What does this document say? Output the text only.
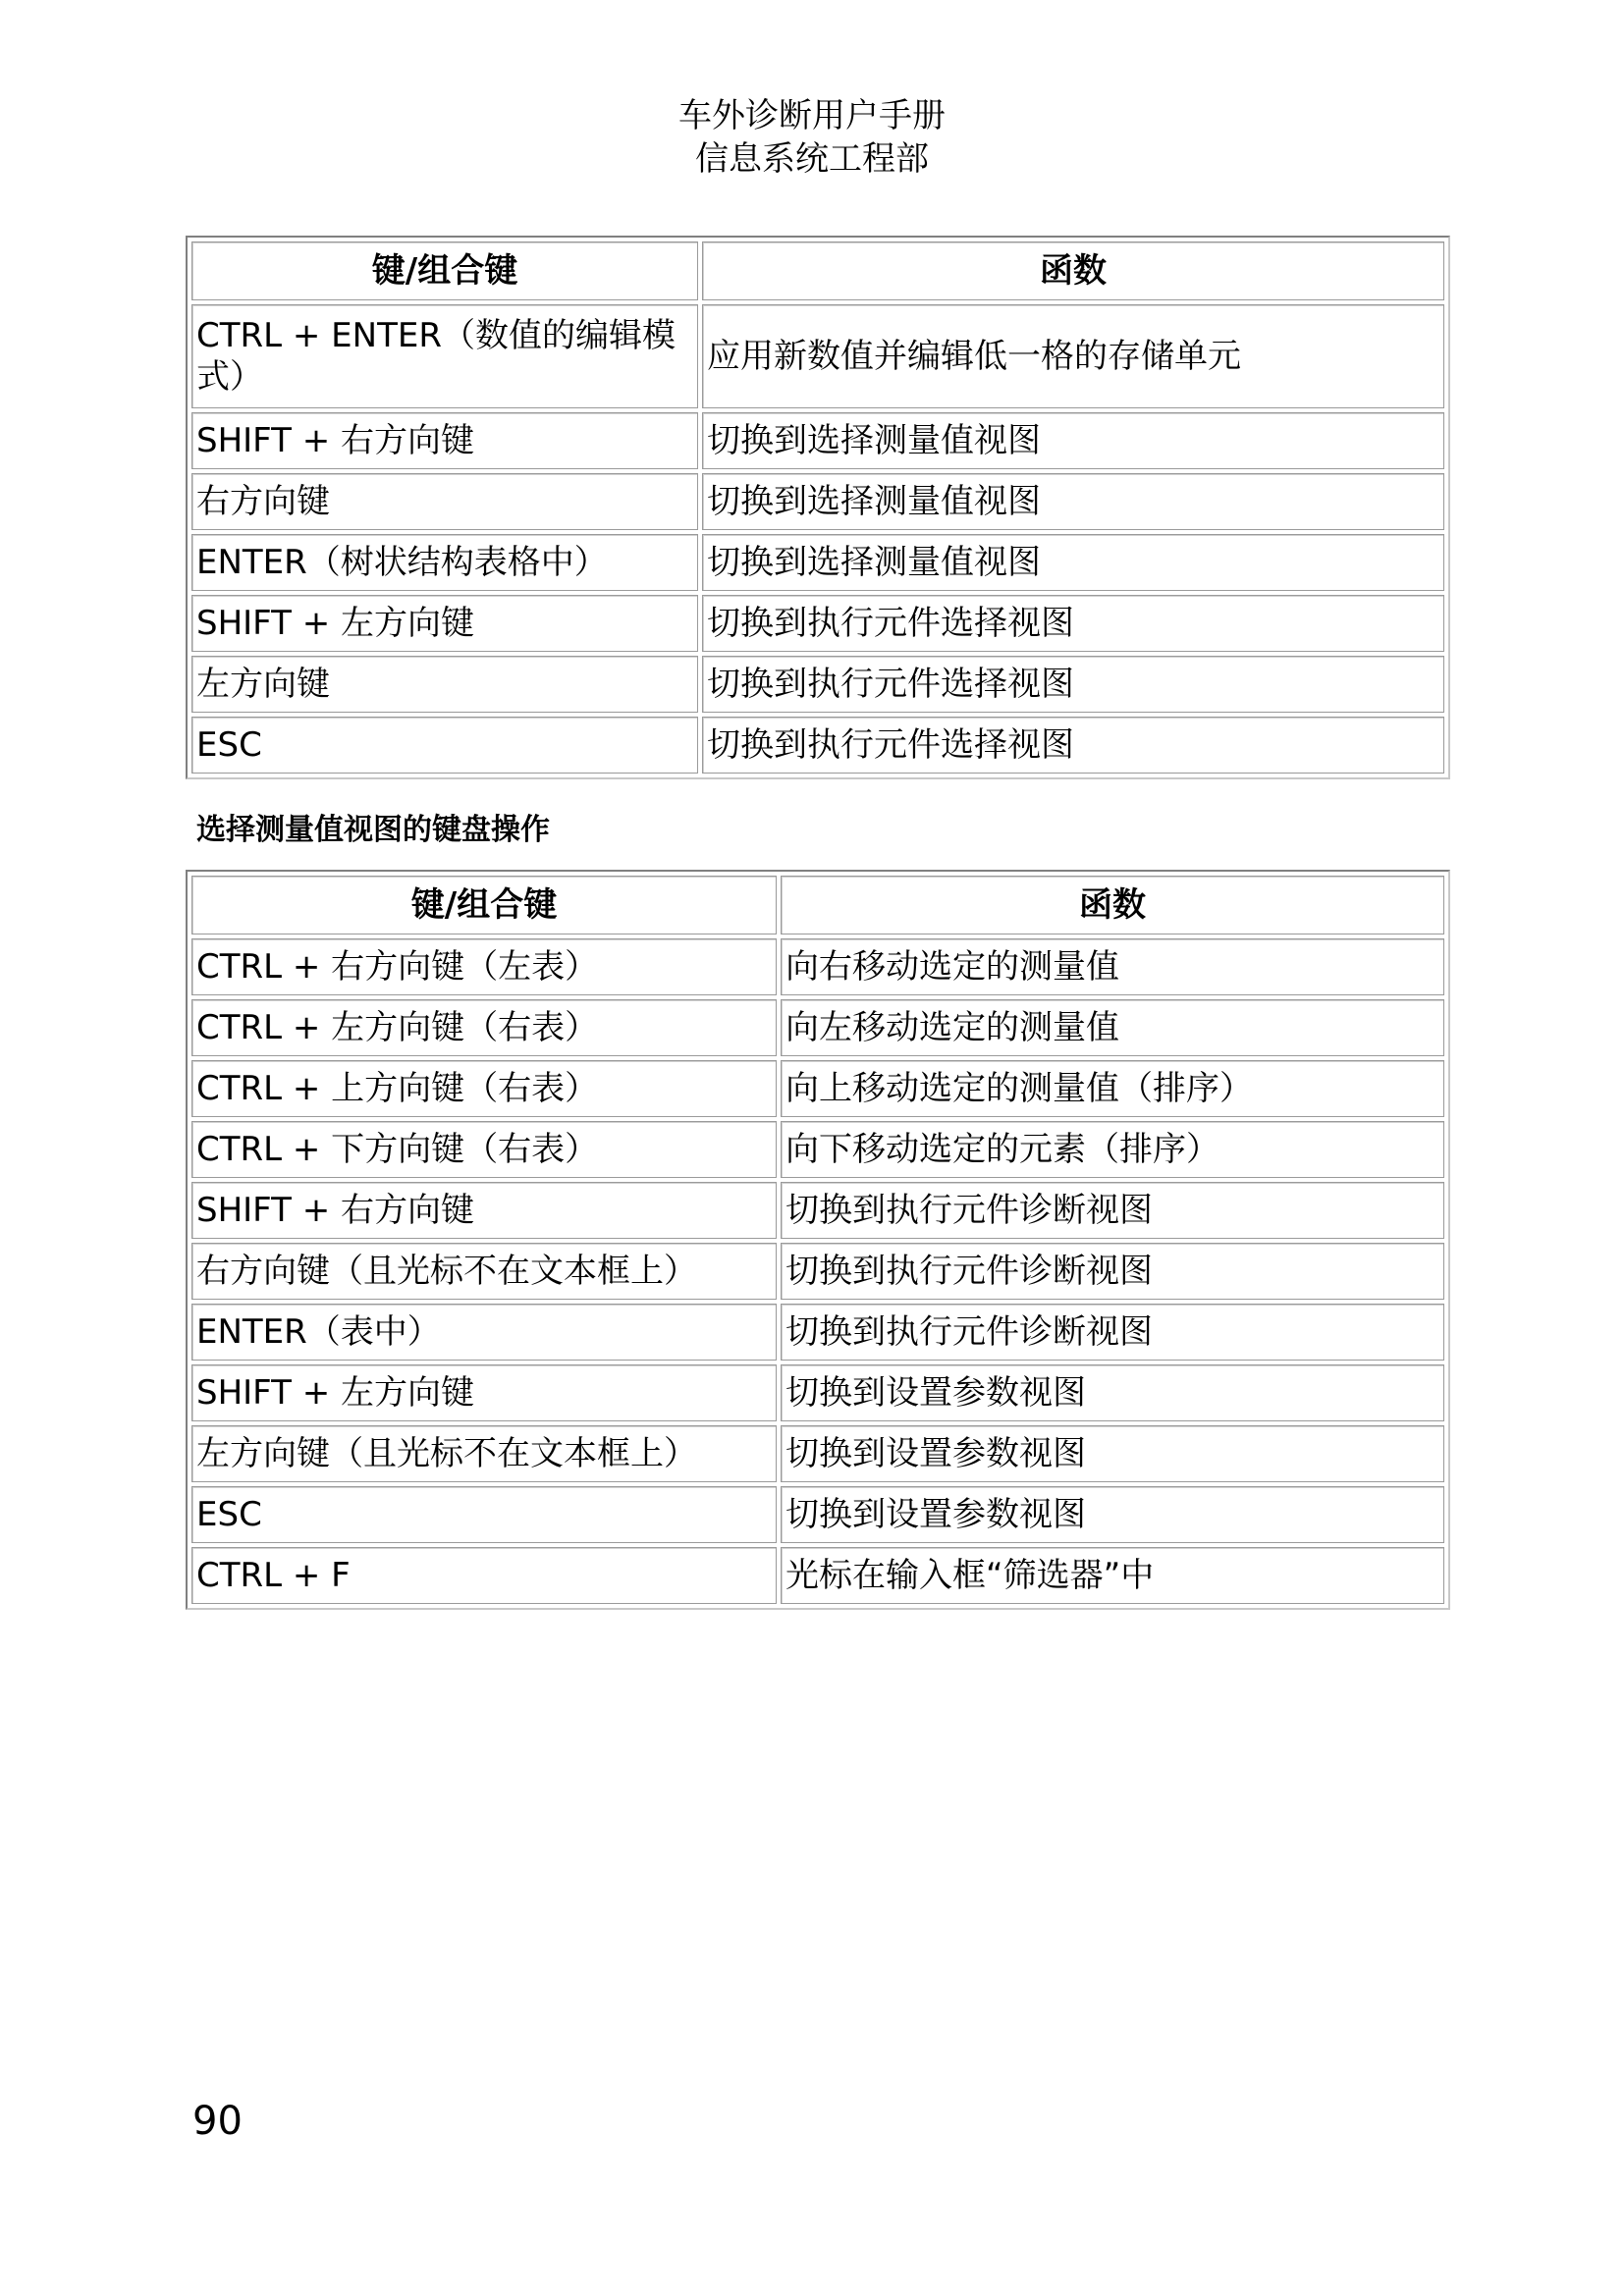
车外诊断用户手册
信息系统工程部
键/组合键	函数
CTRL + ENTER（数值的编辑模式）	应用新数值并编辑低一格的存储单元
SHIFT + 右方向键	切换到选择测量值视图
右方向键	切换到选择测量值视图
ENTER（树状结构表格中）	切换到选择测量值视图
SHIFT + 左方向键	切换到执行元件选择视图
左方向键	切换到执行元件选择视图
ESC	切换到执行元件选择视图
选择测量值视图的键盘操作
键/组合键	函数
CTRL + 右方向键（左表）	向右移动选定的测量值
CTRL + 左方向键（右表）	向左移动选定的测量值
CTRL + 上方向键（右表）	向上移动选定的测量值（排序）
CTRL + 下方向键（右表）	向下移动选定的元素（排序）
SHIFT + 右方向键	切换到执行元件诊断视图
右方向键（且光标不在文本框上）	切换到执行元件诊断视图
ENTER（表中）	切换到执行元件诊断视图
SHIFT + 左方向键	切换到设置参数视图
左方向键（且光标不在文本框上）	切换到设置参数视图
ESC	切换到设置参数视图
CTRL + F	光标在输入框“筛选器”中
90
